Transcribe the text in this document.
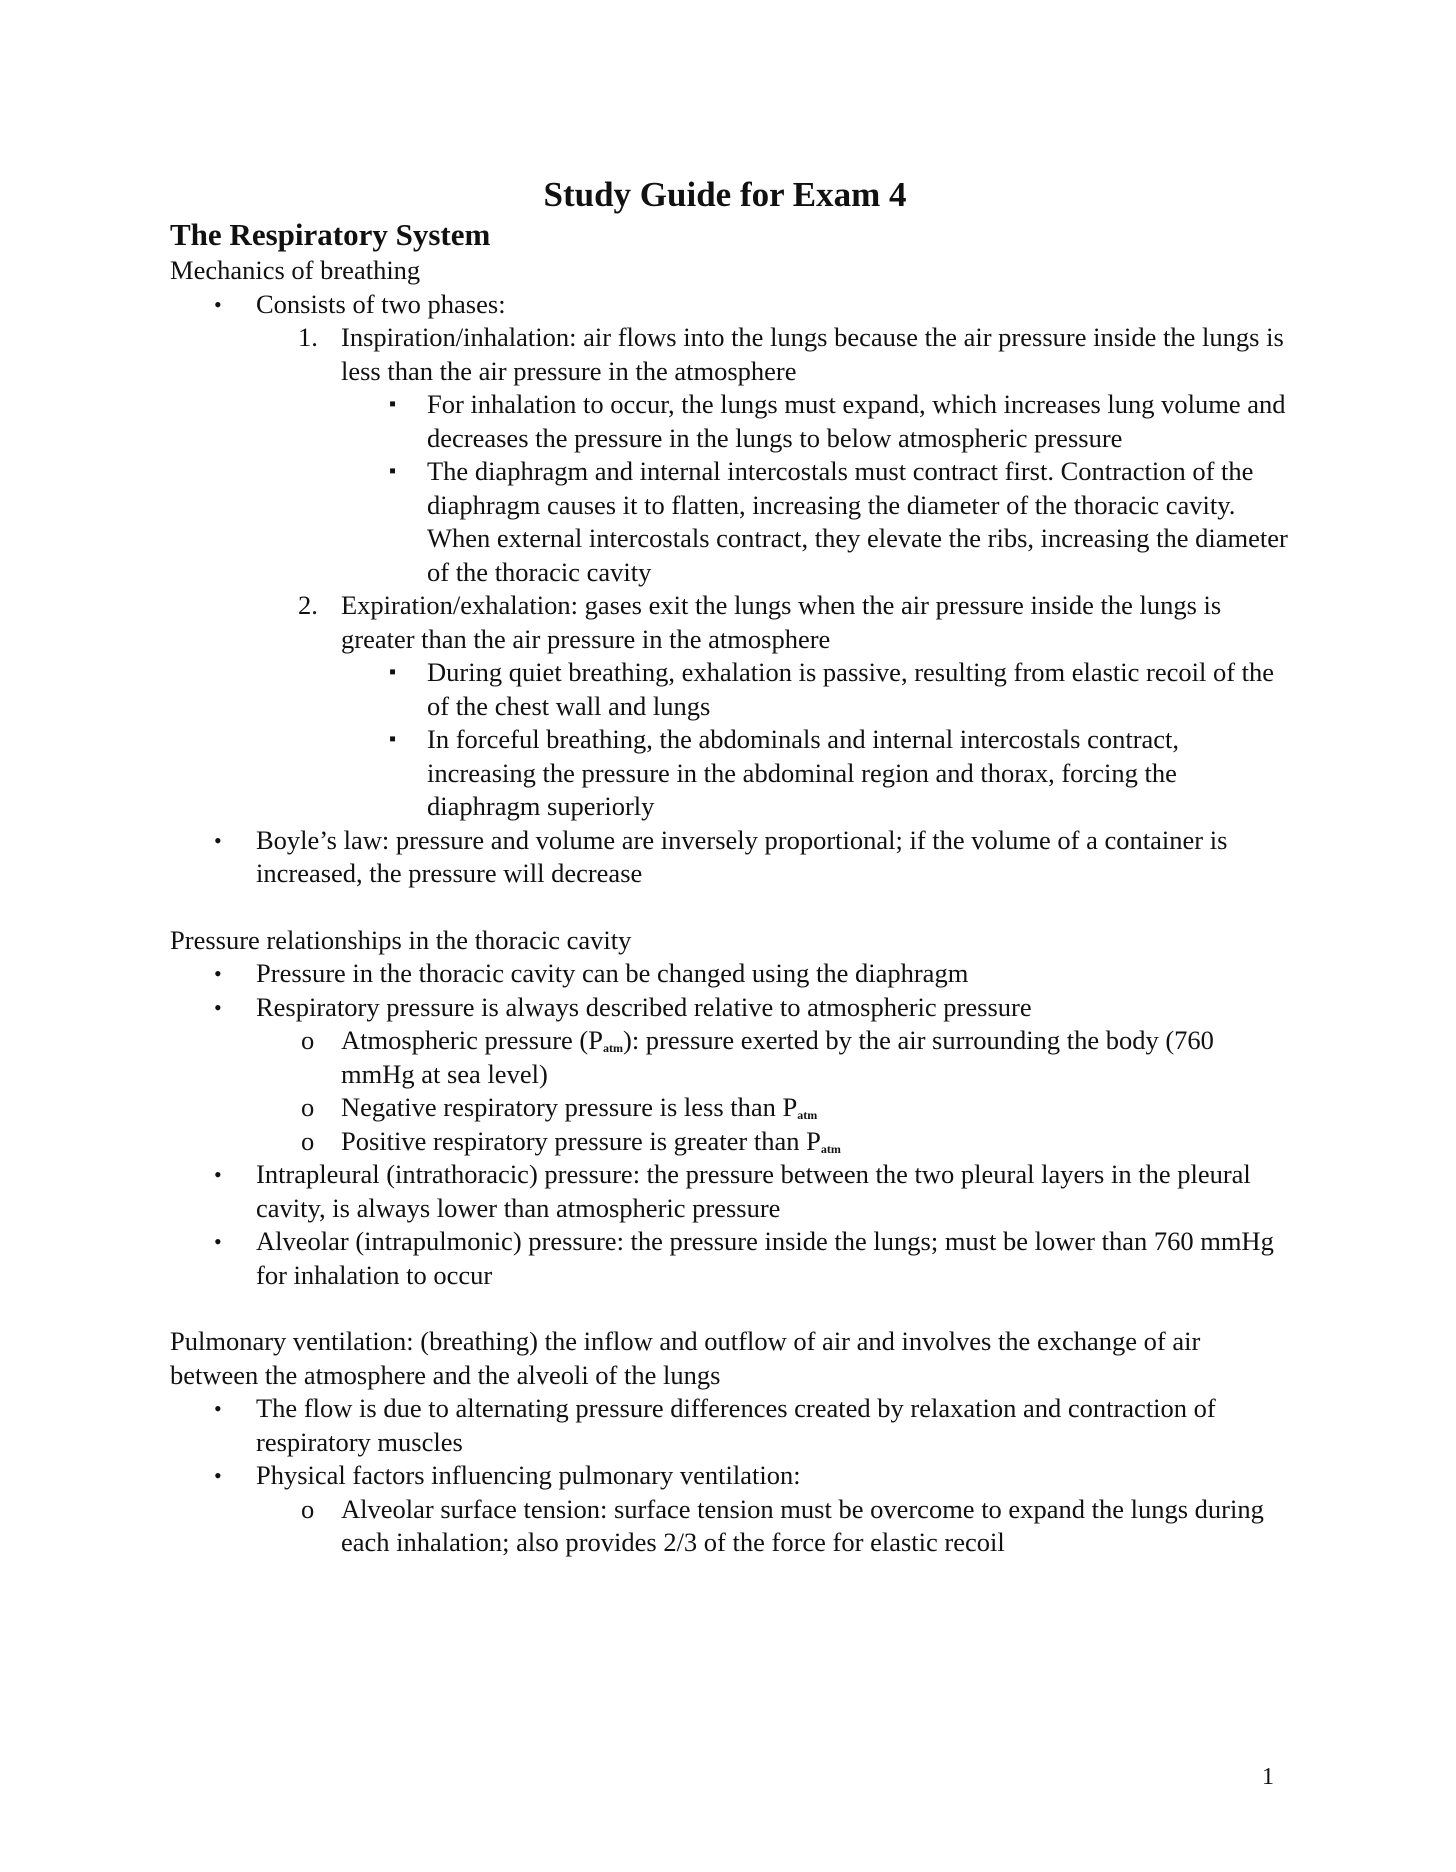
Study Guide for Exam 4
The Respiratory System

Mechanics of breathing

• Consists of two phases:
1. Inspiration/inhalation: air flows into the lungs because the air pressure inside the lungs is less than the air pressure in the atmosphere
▪ For inhalation to occur, the lungs must expand, which increases lung volume and decreases the pressure in the lungs to below atmospheric pressure
▪ The diaphragm and internal intercostals must contract first. Contraction of the diaphragm causes it to flatten, increasing the diameter of the thoracic cavity. When external intercostals contract, they elevate the ribs, increasing the diameter of the thoracic cavity
2. Expiration/exhalation: gases exit the lungs when the air pressure inside the lungs is greater than the air pressure in the atmosphere
▪ During quiet breathing, exhalation is passive, resulting from elastic recoil of the of the chest wall and lungs
▪ In forceful breathing, the abdominals and internal intercostals contract, increasing the pressure in the abdominal region and thorax, forcing the diaphragm superiorly
• Boyle’s law: pressure and volume are inversely proportional; if the volume of a container is increased, the pressure will decrease

Pressure relationships in the thoracic cavity

• Pressure in the thoracic cavity can be changed using the diaphragm
• Respiratory pressure is always described relative to atmospheric pressure
o Atmospheric pressure $(P_{atm})$: pressure exerted by the air surrounding the body (760 mmHg at sea level)
o Negative respiratory pressure is less than $P_{atm}$
o Positive respiratory pressure is greater than $P_{atm}$
• Intrapleural (intrathoracic) pressure: the pressure between the two pleural layers in the pleural cavity, is always lower than atmospheric pressure
• Alveolar (intrapulmonic) pressure: the pressure inside the lungs; must be lower than 760 mmHg for inhalation to occur

Pulmonary ventilation: (breathing) the inflow and outflow of air and involves the exchange of air between the atmosphere and the alveoli of the lungs

• The flow is due to alternating pressure differences created by relaxation and contraction of respiratory muscles
• Physical factors influencing pulmonary ventilation:
o Alveolar surface tension: surface tension must be overcome to expand the lungs during each inhalation; also provides 2/3 of the force for elastic recoil
1
